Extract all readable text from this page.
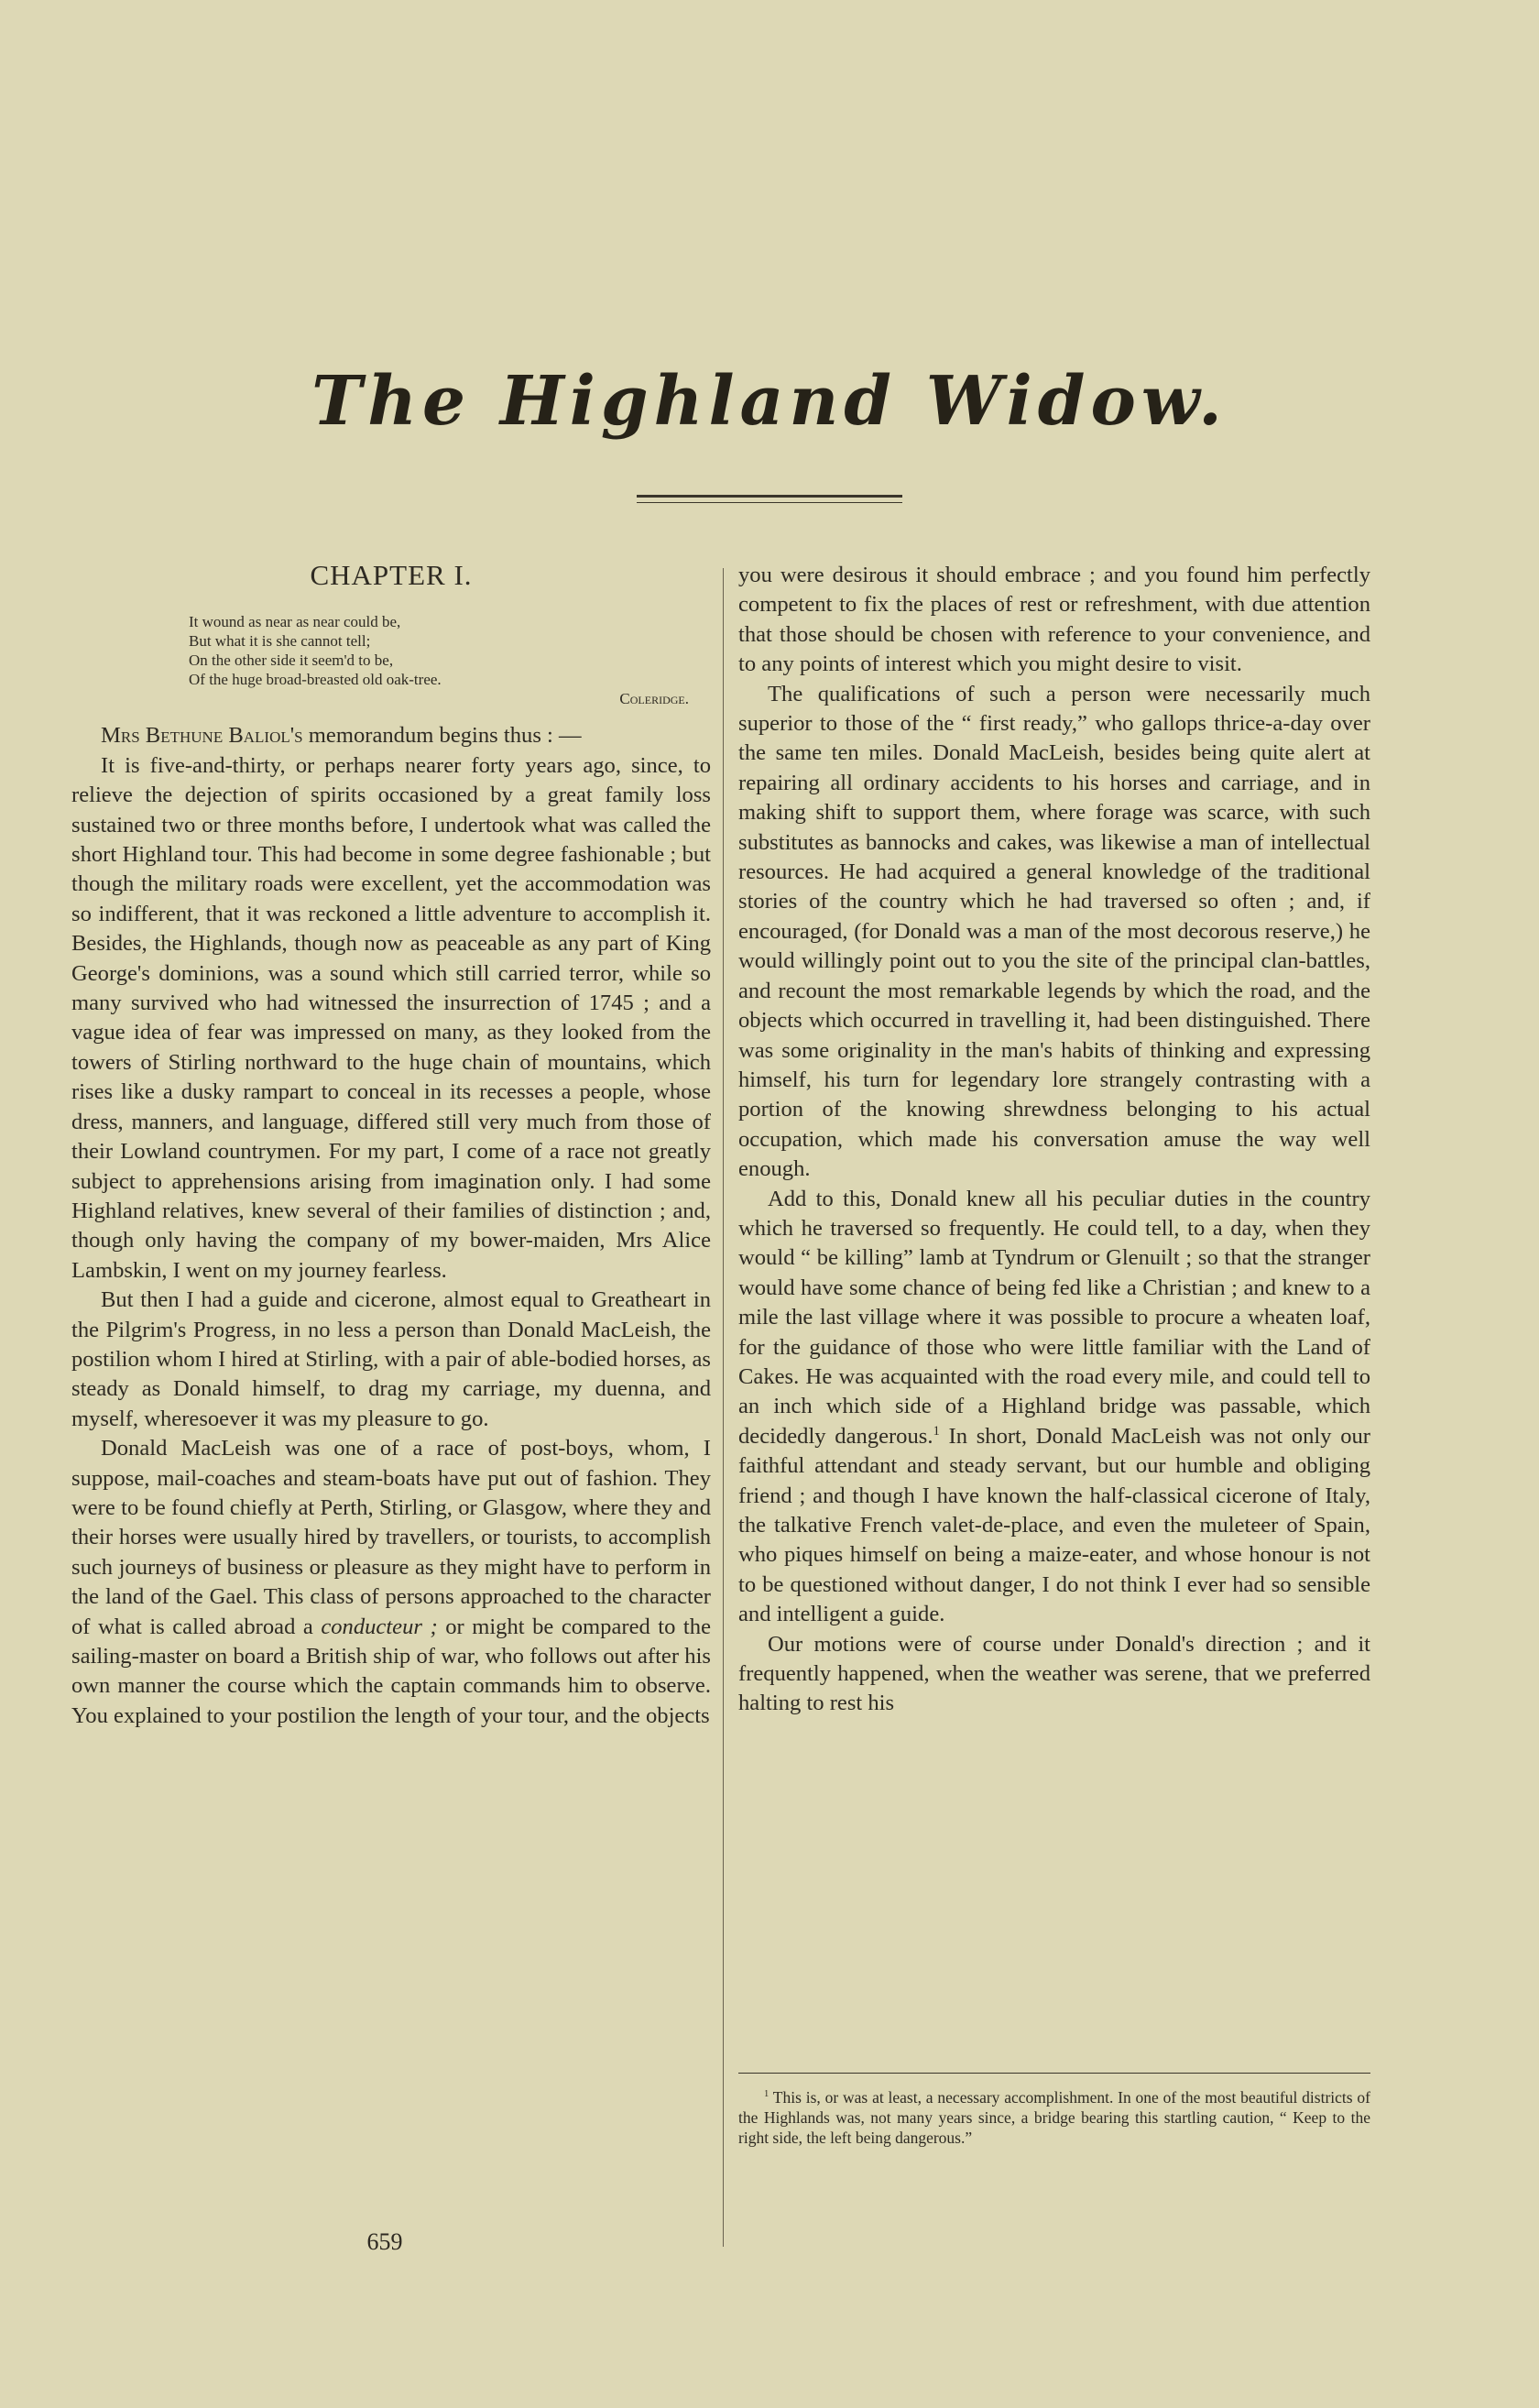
The Highland Widow.
CHAPTER I.
It wound as near as near could be,
But what it is she cannot tell;
On the other side it seem'd to be,
Of the huge broad-breasted old oak-tree.
Coleridge.

Mrs Bethune Baliol's memorandum begins thus : —

It is five-and-thirty, or perhaps nearer forty years ago, since, to relieve the dejection of spirits occasioned by a great family loss sustained two or three months before, I undertook what was called the short Highland tour. This had become in some degree fashionable ; but though the military roads were excellent, yet the accommodation was so indifferent, that it was reckoned a little adventure to accomplish it. Besides, the Highlands, though now as peaceable as any part of King George's dominions, was a sound which still carried terror, while so many survived who had witnessed the insurrection of 1745 ; and a vague idea of fear was impressed on many, as they looked from the towers of Stirling northward to the huge chain of mountains, which rises like a dusky rampart to conceal in its recesses a people, whose dress, manners, and language, differed still very much from those of their Lowland countrymen. For my part, I come of a race not greatly subject to apprehensions arising from imagination only. I had some Highland relatives, knew several of their families of distinction ; and, though only having the company of my bower-maiden, Mrs Alice Lambskin, I went on my journey fearless.

But then I had a guide and cicerone, almost equal to Greatheart in the Pilgrim's Progress, in no less a person than Donald MacLeish, the postilion whom I hired at Stirling, with a pair of able-bodied horses, as steady as Donald himself, to drag my carriage, my duenna, and myself, wheresoever it was my pleasure to go.

Donald MacLeish was one of a race of post-boys, whom, I suppose, mail-coaches and steam-boats have put out of fashion. They were to be found chiefly at Perth, Stirling, or Glasgow, where they and their horses were usually hired by travellers, or tourists, to accomplish such journeys of business or pleasure as they might have to perform in the land of the Gael. This class of persons approached to the character of what is called abroad a conducteur ; or might be compared to the sailing-master on board a British ship of war, who follows out after his own manner the course which the captain commands him to observe. You explained to your postilion the length of your tour, and the objects

659

you were desirous it should embrace ; and you found him perfectly competent to fix the places of rest or refreshment, with due attention that those should be chosen with reference to your convenience, and to any points of interest which you might desire to visit.

The qualifications of such a person were necessarily much superior to those of the “ first ready,” who gallops thrice-a-day over the same ten miles. Donald MacLeish, besides being quite alert at repairing all ordinary accidents to his horses and carriage, and in making shift to support them, where forage was scarce, with such substitutes as bannocks and cakes, was likewise a man of intellectual resources. He had acquired a general knowledge of the traditional stories of the country which he had traversed so often ; and, if encouraged, (for Donald was a man of the most decorous reserve,) he would willingly point out to you the site of the principal clan-battles, and recount the most remarkable legends by which the road, and the objects which occurred in travelling it, had been distinguished. There was some originality in the man's habits of thinking and expressing himself, his turn for legendary lore strangely contrasting with a portion of the knowing shrewdness belonging to his actual occupation, which made his conversation amuse the way well enough.

Add to this, Donald knew all his peculiar duties in the country which he traversed so frequently. He could tell, to a day, when they would “ be killing” lamb at Tyndrum or Glenuilt ; so that the stranger would have some chance of being fed like a Christian ; and knew to a mile the last village where it was possible to procure a wheaten loaf, for the guidance of those who were little familiar with the Land of Cakes. He was acquainted with the road every mile, and could tell to an inch which side of a Highland bridge was passable, which decidedly dangerous.$^1$ In short, Donald MacLeish was not only our faithful attendant and steady servant, but our humble and obliging friend ; and though I have known the half-classical cicerone of Italy, the talkative French valet-de-place, and even the muleteer of Spain, who piques himself on being a maize-eater, and whose honour is not to be questioned without danger, I do not think I ever had so sensible and intelligent a guide.

Our motions were of course under Donald's direction ; and it frequently happened, when the weather was serene, that we preferred halting to rest his

$^1$ This is, or was at least, a necessary accomplishment. In one of the most beautiful districts of the Highlands was, not many years since, a bridge bearing this startling caution, “ Keep to the right side, the left being dangerous.”
